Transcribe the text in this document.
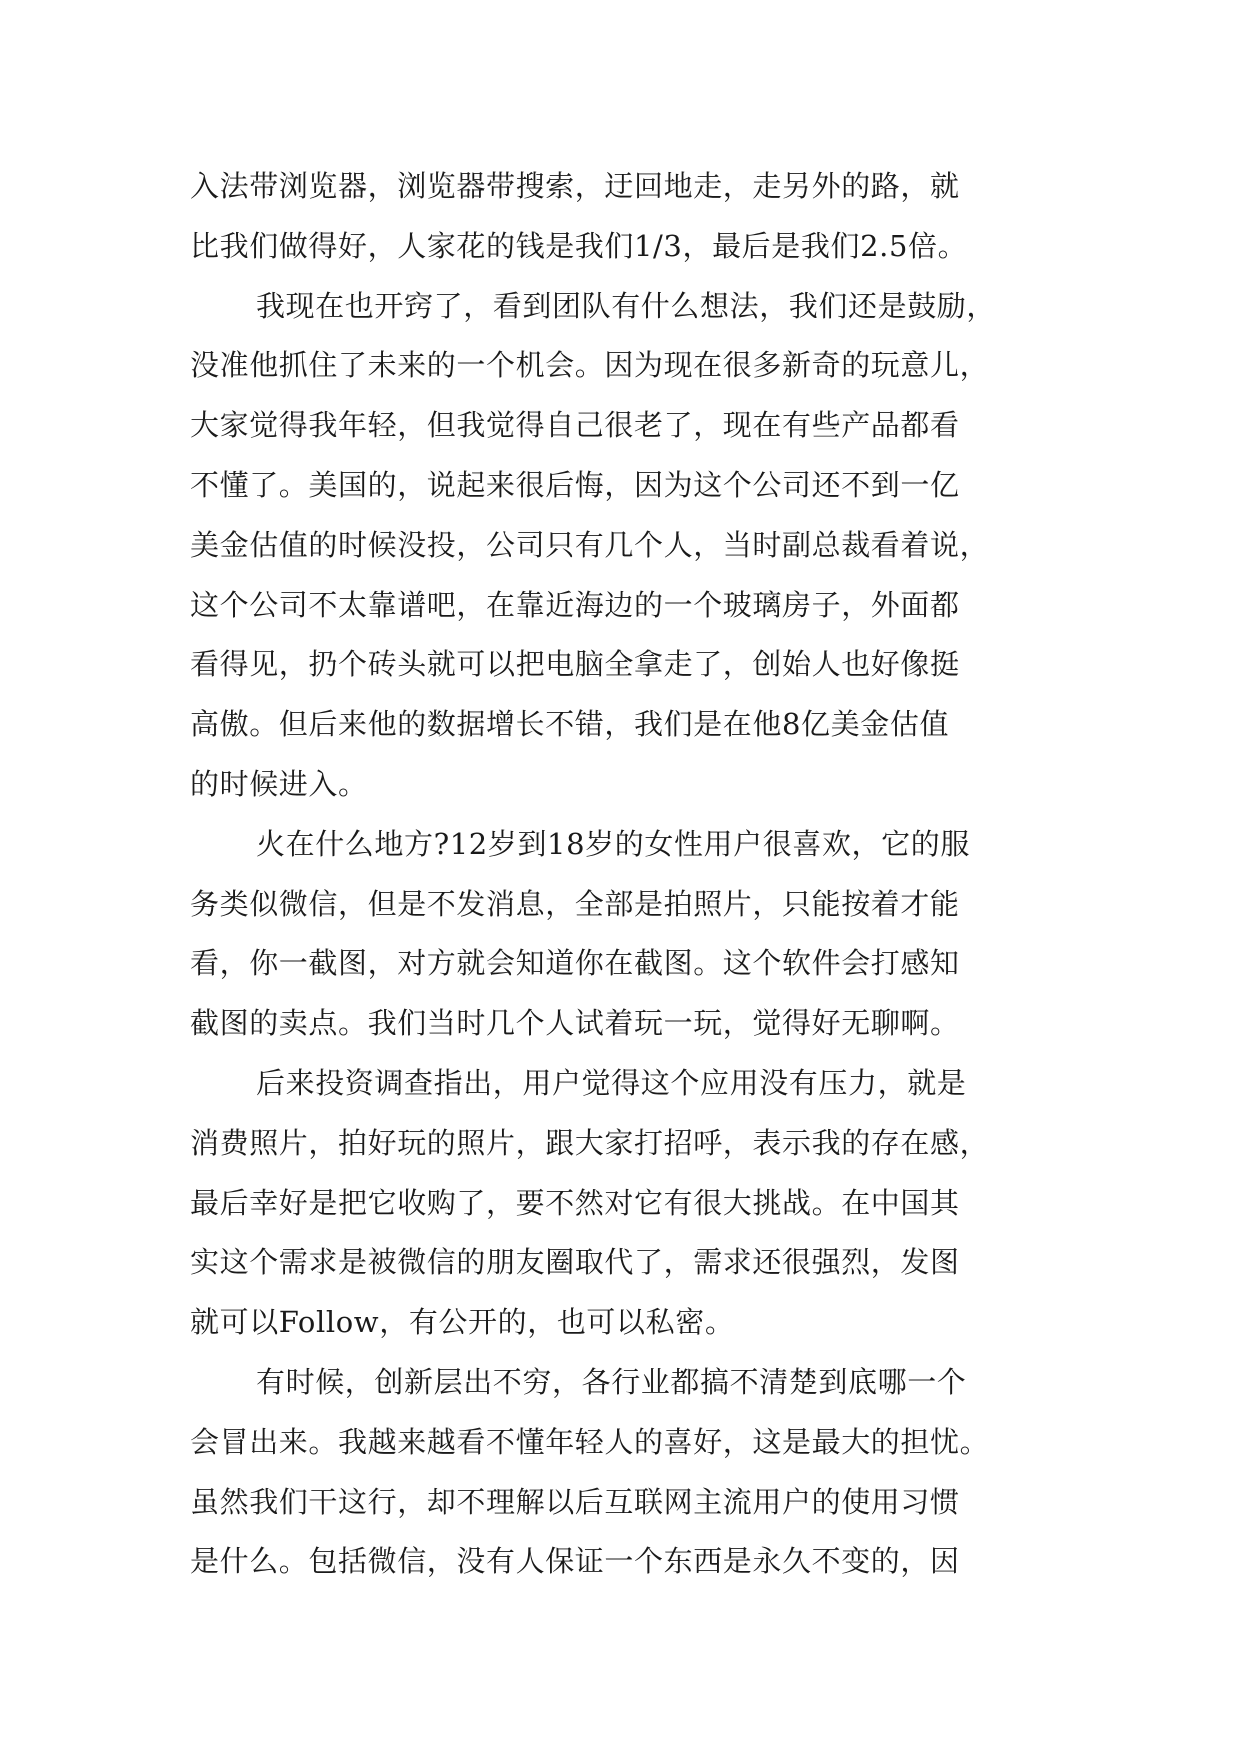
入法带浏览器，浏览器带搜索，迂回地走，走另外的路，就
比我们做得好，人家花的钱是我们1/3，最后是我们2.5倍。
我现在也开窍了，看到团队有什么想法，我们还是鼓励，
没准他抓住了未来的一个机会。因为现在很多新奇的玩意儿，
大家觉得我年轻，但我觉得自己很老了，现在有些产品都看
不懂了。美国的，说起来很后悔，因为这个公司还不到一亿
美金估值的时候没投，公司只有几个人，当时副总裁看着说，
这个公司不太靠谱吧，在靠近海边的一个玻璃房子，外面都
看得见，扔个砖头就可以把电脑全拿走了，创始人也好像挺
高傲。但后来他的数据增长不错，我们是在他8亿美金估值
的时候进入。
火在什么地方?12岁到18岁的女性用户很喜欢，它的服
务类似微信，但是不发消息，全部是拍照片，只能按着才能
看，你一截图，对方就会知道你在截图。这个软件会打感知
截图的卖点。我们当时几个人试着玩一玩，觉得好无聊啊。
后来投资调查指出，用户觉得这个应用没有压力，就是
消费照片，拍好玩的照片，跟大家打招呼，表示我的存在感，
最后幸好是把它收购了，要不然对它有很大挑战。在中国其
实这个需求是被微信的朋友圈取代了，需求还很强烈，发图
就可以Follow，有公开的，也可以私密。
有时候，创新层出不穷，各行业都搞不清楚到底哪一个
会冒出来。我越来越看不懂年轻人的喜好，这是最大的担忧。
虽然我们干这行，却不理解以后互联网主流用户的使用习惯
是什么。包括微信，没有人保证一个东西是永久不变的，因
